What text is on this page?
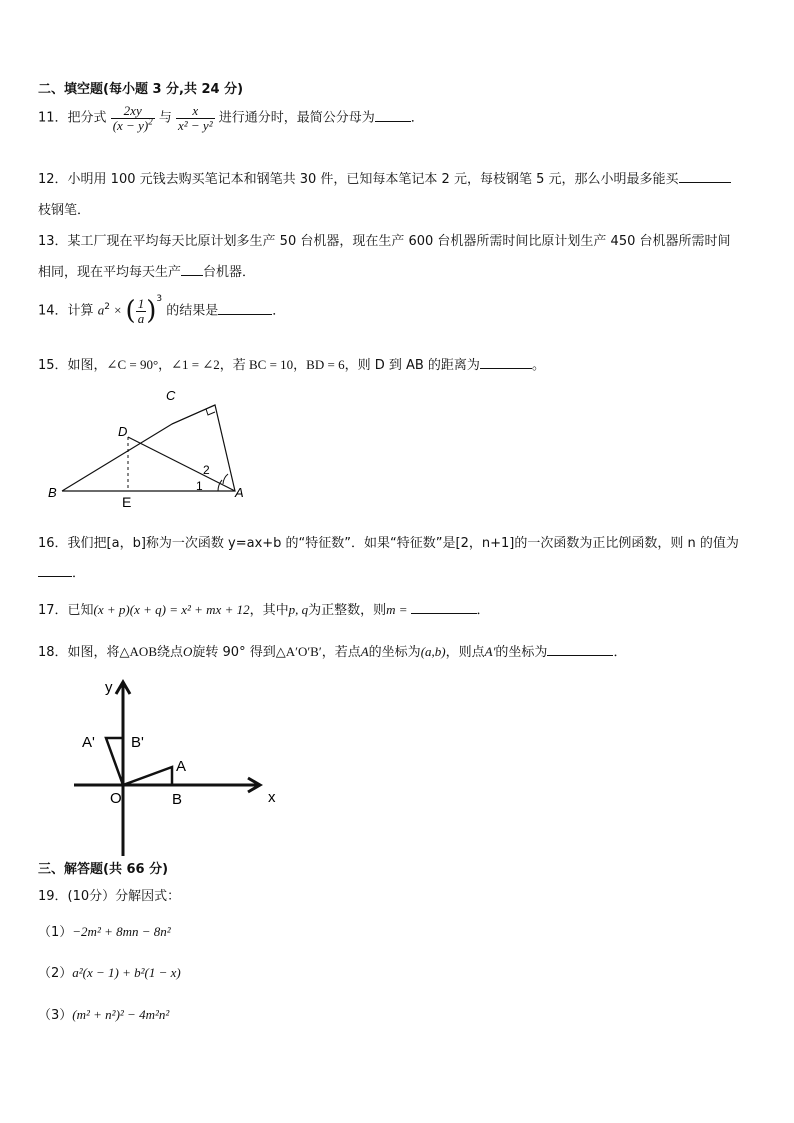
二、填空题(每小题 3 分,共 24 分)
11．把分式 $\frac{2xy}{(x - y)^2}$ 与 $\frac{x}{\text{x² − y²}}$ 进行通分时，最简公分母为	．
12．小明用 100 元钱去购买笔记本和钢笔共 30 件，已知每本笔记本 2 元，每枝钢笔 5 元，那么小明最多能买
枝钢笔．
13．某工厂现在平均每天比原计划多生产 50 台机器，现在生产 600 台机器所需时间比原计划生产 450 台机器所需时间
相同，现在平均每天生产 台机器．
14．计算 $a^2$ × ( $\frac{1}{a} )^3$ 的结果是	．
15．如图，∠C = 90°，∠1 = ∠2，若 BC = 10，BD = 6，则 D 到 AB 的距离为	。
C
D
B	A
E
1
2
16．我们把[a，b]称为一次函数 y=ax+b 的“特征数”．如果“特征数”是[2，n+1]的一次函数为正比例函数，则 n 的值为
．
17．已知(x + p)(x + q) = x² + mx + 12，其中p, q为正整数，则m =	．
18．如图，将△AOB绕点O旋转 90° 得到△A′O′B′，若点A的坐标为(a,b)，则点A′的坐标为	．
y
x
O
A
B
A' B'
三、解答题(共 66 分)
19．(10分）分解因式：
（1）−2m² + 8mn − 8n²
（2）a²(x − 1) + b²(1 − x)
（3）(m² + n²)² − 4m²n²
